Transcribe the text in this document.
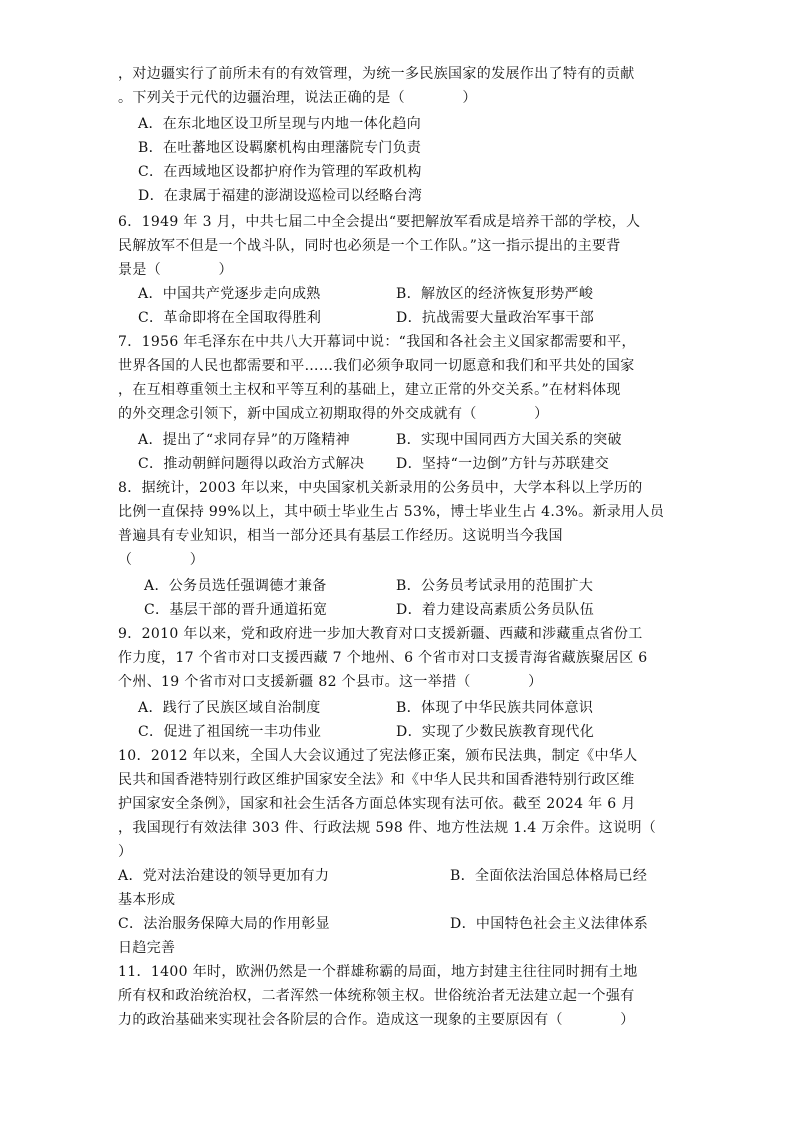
，对边疆实行了前所未有的有效管理，为统一多民族国家的发展作出了特有的贡献
。下列关于元代的边疆治理，说法正确的是（　　　　）
A．在东北地区设卫所呈现与内地一体化趋向
B．在吐蕃地区设羁縻机构由理藩院专门负责
C．在西域地区设都护府作为管理的军政机构
D．在隶属于福建的澎湖设巡检司以经略台湾
6．1949 年 3 月，中共七届二中全会提出“要把解放军看成是培养干部的学校，人
民解放军不但是一个战斗队，同时也必须是一个工作队。”这一指示提出的主要背
景是（　　　　）
A．中国共产党逐步走向成熟	B．解放区的经济恢复形势严峻
C．革命即将在全国取得胜利	D．抗战需要大量政治军事干部
7．1956 年毛泽东在中共八大开幕词中说：“我国和各社会主义国家都需要和平，
世界各国的人民也都需要和平……我们必须争取同一切愿意和我们和平共处的国家
，在互相尊重领土主权和平等互利的基础上，建立正常的外交关系。”在材料体现
的外交理念引领下，新中国成立初期取得的外交成就有（　　　　）
A．提出了“求同存异”的万隆精神	B．实现中国同西方大国关系的突破
C．推动朝鲜问题得以政治方式解决 D．坚持“一边倒”方针与苏联建交
8．据统计，2003 年以来，中央国家机关新录用的公务员中，大学本科以上学历的
比例一直保持 99%以上，其中硕士毕业生占 53%，博士毕业生占 4.3%。新录用人员
普遍具有专业知识，相当一部分还具有基层工作经历。这说明当今我国
（　　　　）
A．公务员选任强调德才兼备	B．公务员考试录用的范围扩大
C．基层干部的晋升通道拓宽	D．着力建设高素质公务员队伍
9．2010 年以来，党和政府进一步加大教育对口支援新疆、西藏和涉藏重点省份工
作力度，17 个省市对口支援西藏 7 个地州、6 个省市对口支援青海省藏族聚居区 6
个州、19 个省市对口支援新疆 82 个县市。这一举措（　　　　）
A．践行了民族区域自治制度	B．体现了中华民族共同体意识
C．促进了祖国统一丰功伟业	D．实现了少数民族教育现代化
10．2012 年以来，全国人大会议通过了宪法修正案，颁布民法典，制定《中华人
民共和国香港特别行政区维护国家安全法》和《中华人民共和国香港特别行政区维
护国家安全条例》，国家和社会生活各方面总体实现有法可依。截至 2024 年 6 月
，我国现行有效法律 303 件、行政法规 598 件、地方性法规 1.4 万余件。这说明（
）
A．党对法治建设的领导更加有力	B．全面依法治国总体格局已经
基本形成
C．法治服务保障大局的作用彰显	D．中国特色社会主义法律体系
日趋完善
11．1400 年时，欧洲仍然是一个群雄称霸的局面，地方封建主往往同时拥有土地
所有权和政治统治权，二者浑然一体统称领主权。世俗统治者无法建立起一个强有
力的政治基础来实现社会各阶层的合作。造成这一现象的主要原因有（　　　　）
